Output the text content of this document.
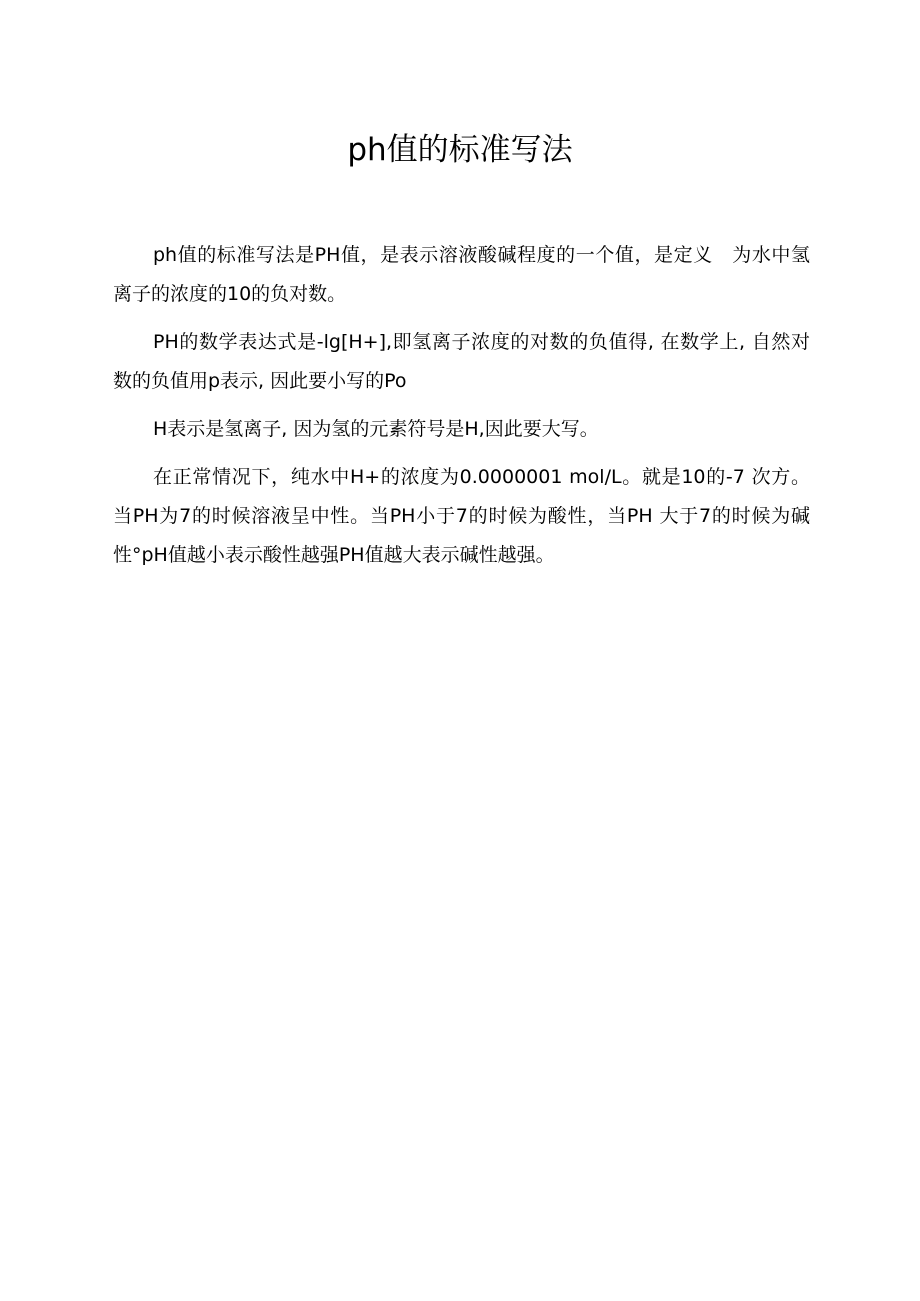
ph值的标准写法

ph值的标准写法是PH值，是表示溶液酸碱程度的一个值，是定义　为水中氢离子的浓度的10的负对数。

PH的数学表达式是-lg[H+],即氢离子浓度的对数的负值得, 在数学上, 自然对数的负值用p表示, 因此要小写的Po

H表示是氢离子, 因为氢的元素符号是H,因此要大写。

在正常情况下，纯水中H+的浓度为0.0000001 mol/L。就是10的-7 次方。当PH为7的时候溶液呈中性。当PH小于7的时候为酸性，当PH 大于7的时候为碱性°pH值越小表示酸性越强PH值越大表示碱性越强。
